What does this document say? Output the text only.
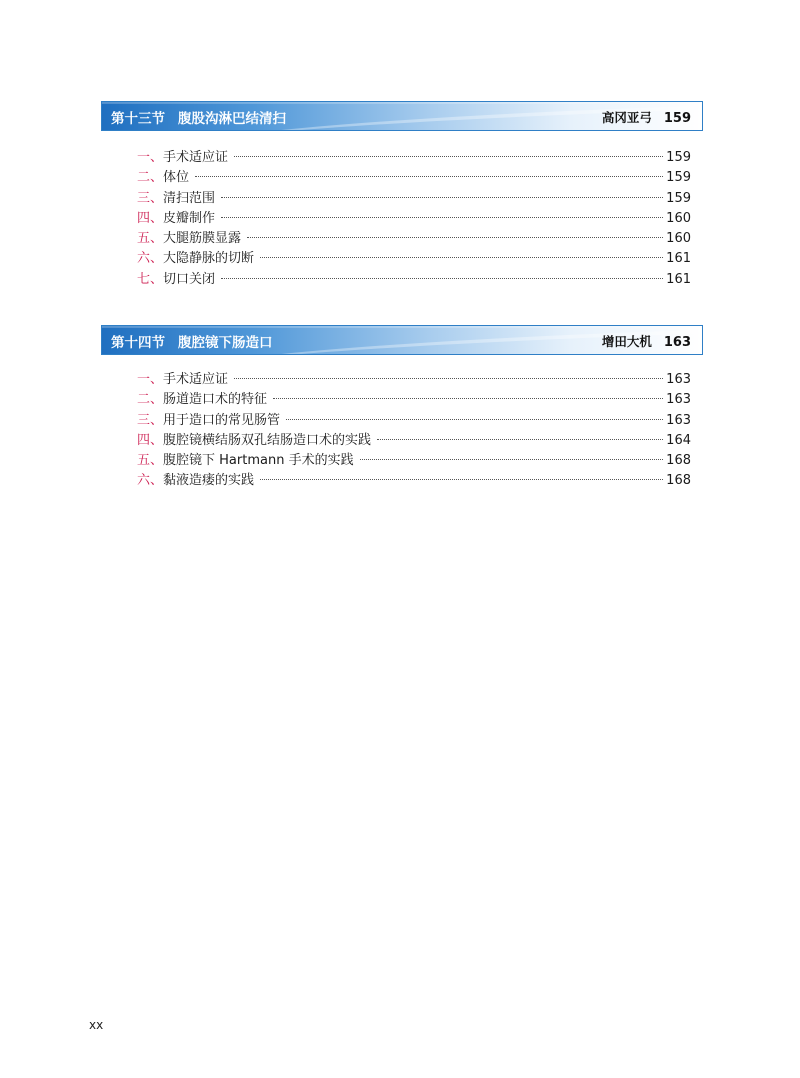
第十三节 腹股沟淋巴结清扫	高冈亚弓 159
一、 手术适应证	159
二、 体位	159
三、 清扫范围	159
四、 皮瓣制作	160
五、 大腿筋膜显露	160
六、 大隐静脉的切断	161
七、 切口关闭	161
第十四节 腹腔镜下肠造口	增田大机 163
一、 手术适应证	163
二、 肠道造口术的特征	163
三、 用于造口的常见肠管	163
四、 腹腔镜横结肠双孔结肠造口术的实践	164
五、 腹腔镜下 Hartmann 手术的实践	168
六、 黏液造瘘的实践	168
xx
